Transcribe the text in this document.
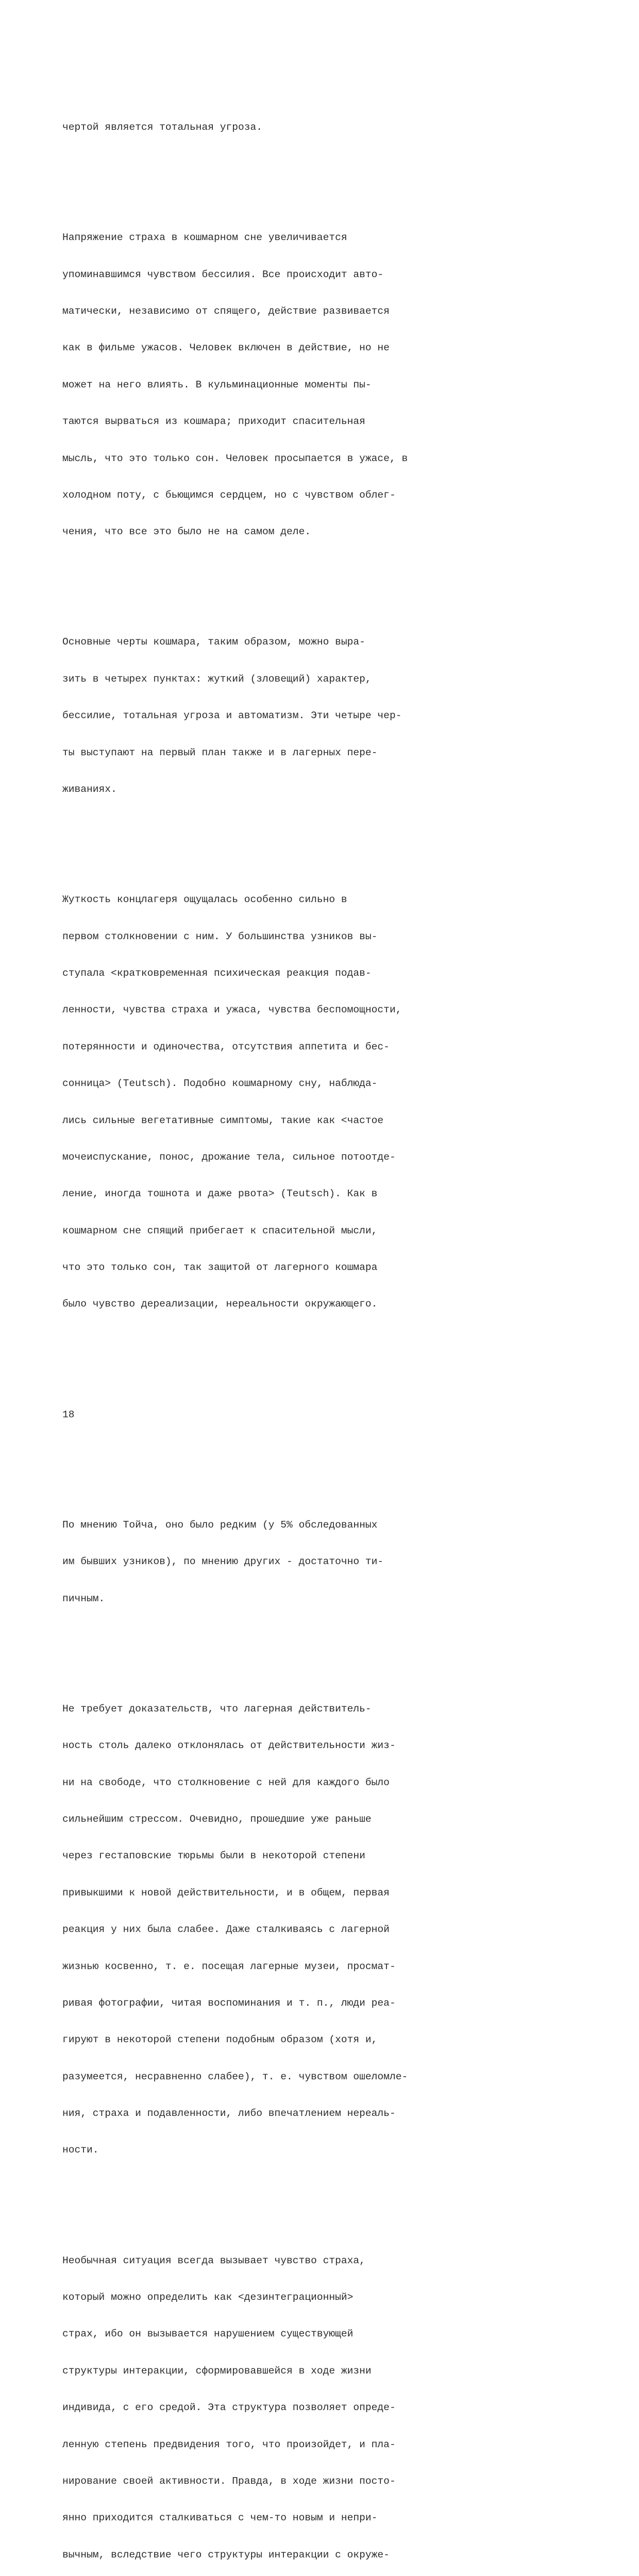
чертой является тотальная угроза.

Напряжение страха в кошмарном сне увеличивается

упоминавшимся чувством бессилия. Все происходит авто-

матически, независимо от спящего, действие развивается

как в фильме ужасов. Человек включен в действие, но не

может на него влиять. В кульминационные моменты пы-

таются вырваться из кошмара; приходит спасительная

мысль, что это только сон. Человек просыпается в ужасе, в

холодном поту, с бьющимся сердцем, но с чувством облег-

чения, что все это было не на самом деле.

Основные черты кошмара, таким образом, можно выра-

зить в четырех пунктах: жуткий (зловещий) характер,

бессилие, тотальная угроза и автоматизм. Эти четыре чер-

ты выступают на первый план также и в лагерных пере-

живаниях.

Жуткость концлагеря ощущалась особенно сильно в

первом столкновении с ним. У большинства узников вы-

ступала <кратковременная психическая реакция подав-

ленности, чувства страха и ужаса, чувства беспомощности,

потерянности и одиночества, отсутствия аппетита и бес-

сонница> (Teutsch). Подобно кошмарному сну, наблюда-

лись сильные вегетативные симптомы, такие как <частое

мочеиспускание, понос, дрожание тела, сильное потоотде-

ление, иногда тошнота и даже рвота> (Teutsch). Как в

кошмарном сне спящий прибегает к спасительной мысли,

что это только сон, так защитой от лагерного кошмара

было чувство дереализации, нереальности окружающего.

18

По мнению Тойча, оно было редким (у 5% обследованных

им бывших узников), по мнению других - достаточно ти-

пичным.

Не требует доказательств, что лагерная действитель-

ность столь далеко отклонялась от действительности жиз-

ни на свободе, что столкновение с ней для каждого было

сильнейшим стрессом. Очевидно, прошедшие уже раньше

через гестаповские тюрьмы были в некоторой степени

привыкшими к новой действительности, и в общем, первая

реакция у них была слабее. Даже сталкиваясь с лагерной

жизнью косвенно, т. е. посещая лагерные музеи, просмат-

ривая фотографии, читая воспоминания и т. п., люди реа-

гируют в некоторой степени подобным образом (хотя и,

разумеется, несравненно слабее), т. е. чувством ошеломле-

ния, страха и подавленности, либо впечатлением нереаль-

ности.

Необычная ситуация всегда вызывает чувство страха,

который можно определить как <дезинтеграционный>

страх, ибо он вызывается нарушением существующей

структуры интеракции, сформировавшейся в ходе жизни

индивида, с его средой. Эта структура позволяет опреде-

ленную степень предвидения того, что произойдет, и пла-

нирование своей активности. Правда, в ходе жизни посто-

янно приходится сталкиваться с чем-то новым и непри-

вычным, вследствие чего структуры интеракции с окруже-
